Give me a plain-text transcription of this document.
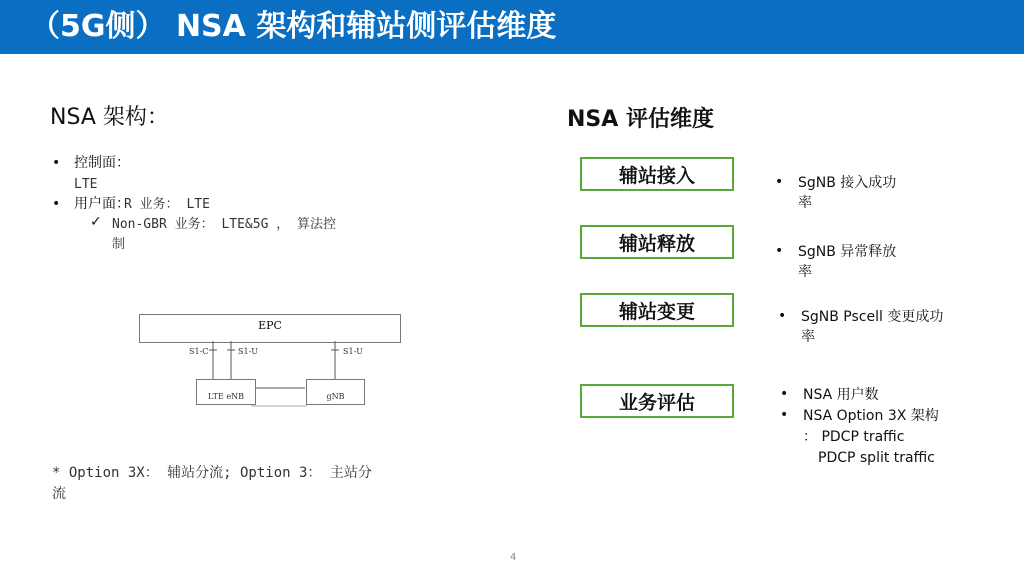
（5G侧） NSA 架构和辅站侧评估维度
NSA 架构：
• 控制面：
LTE
•	R 业务： LTE
用户面：
✓ Non-GBR 业务： LTE&5G ， 算法控
制
EPC
S1-C	S1-U	S1-U
LTE eNB	gNB
* Option 3X： 辅站分流; Option 3： 主站分
流
NSA 评估维度
辅站接入
辅站释放
辅站变更
业务评估
• SgNB 接入成功
率
• SgNB 异常释放
率
• SgNB Pscell 变更成功
率
• NSA 用户数
• NSA Option 3X 架构
： PDCP traffic
PDCP split traffic
4
